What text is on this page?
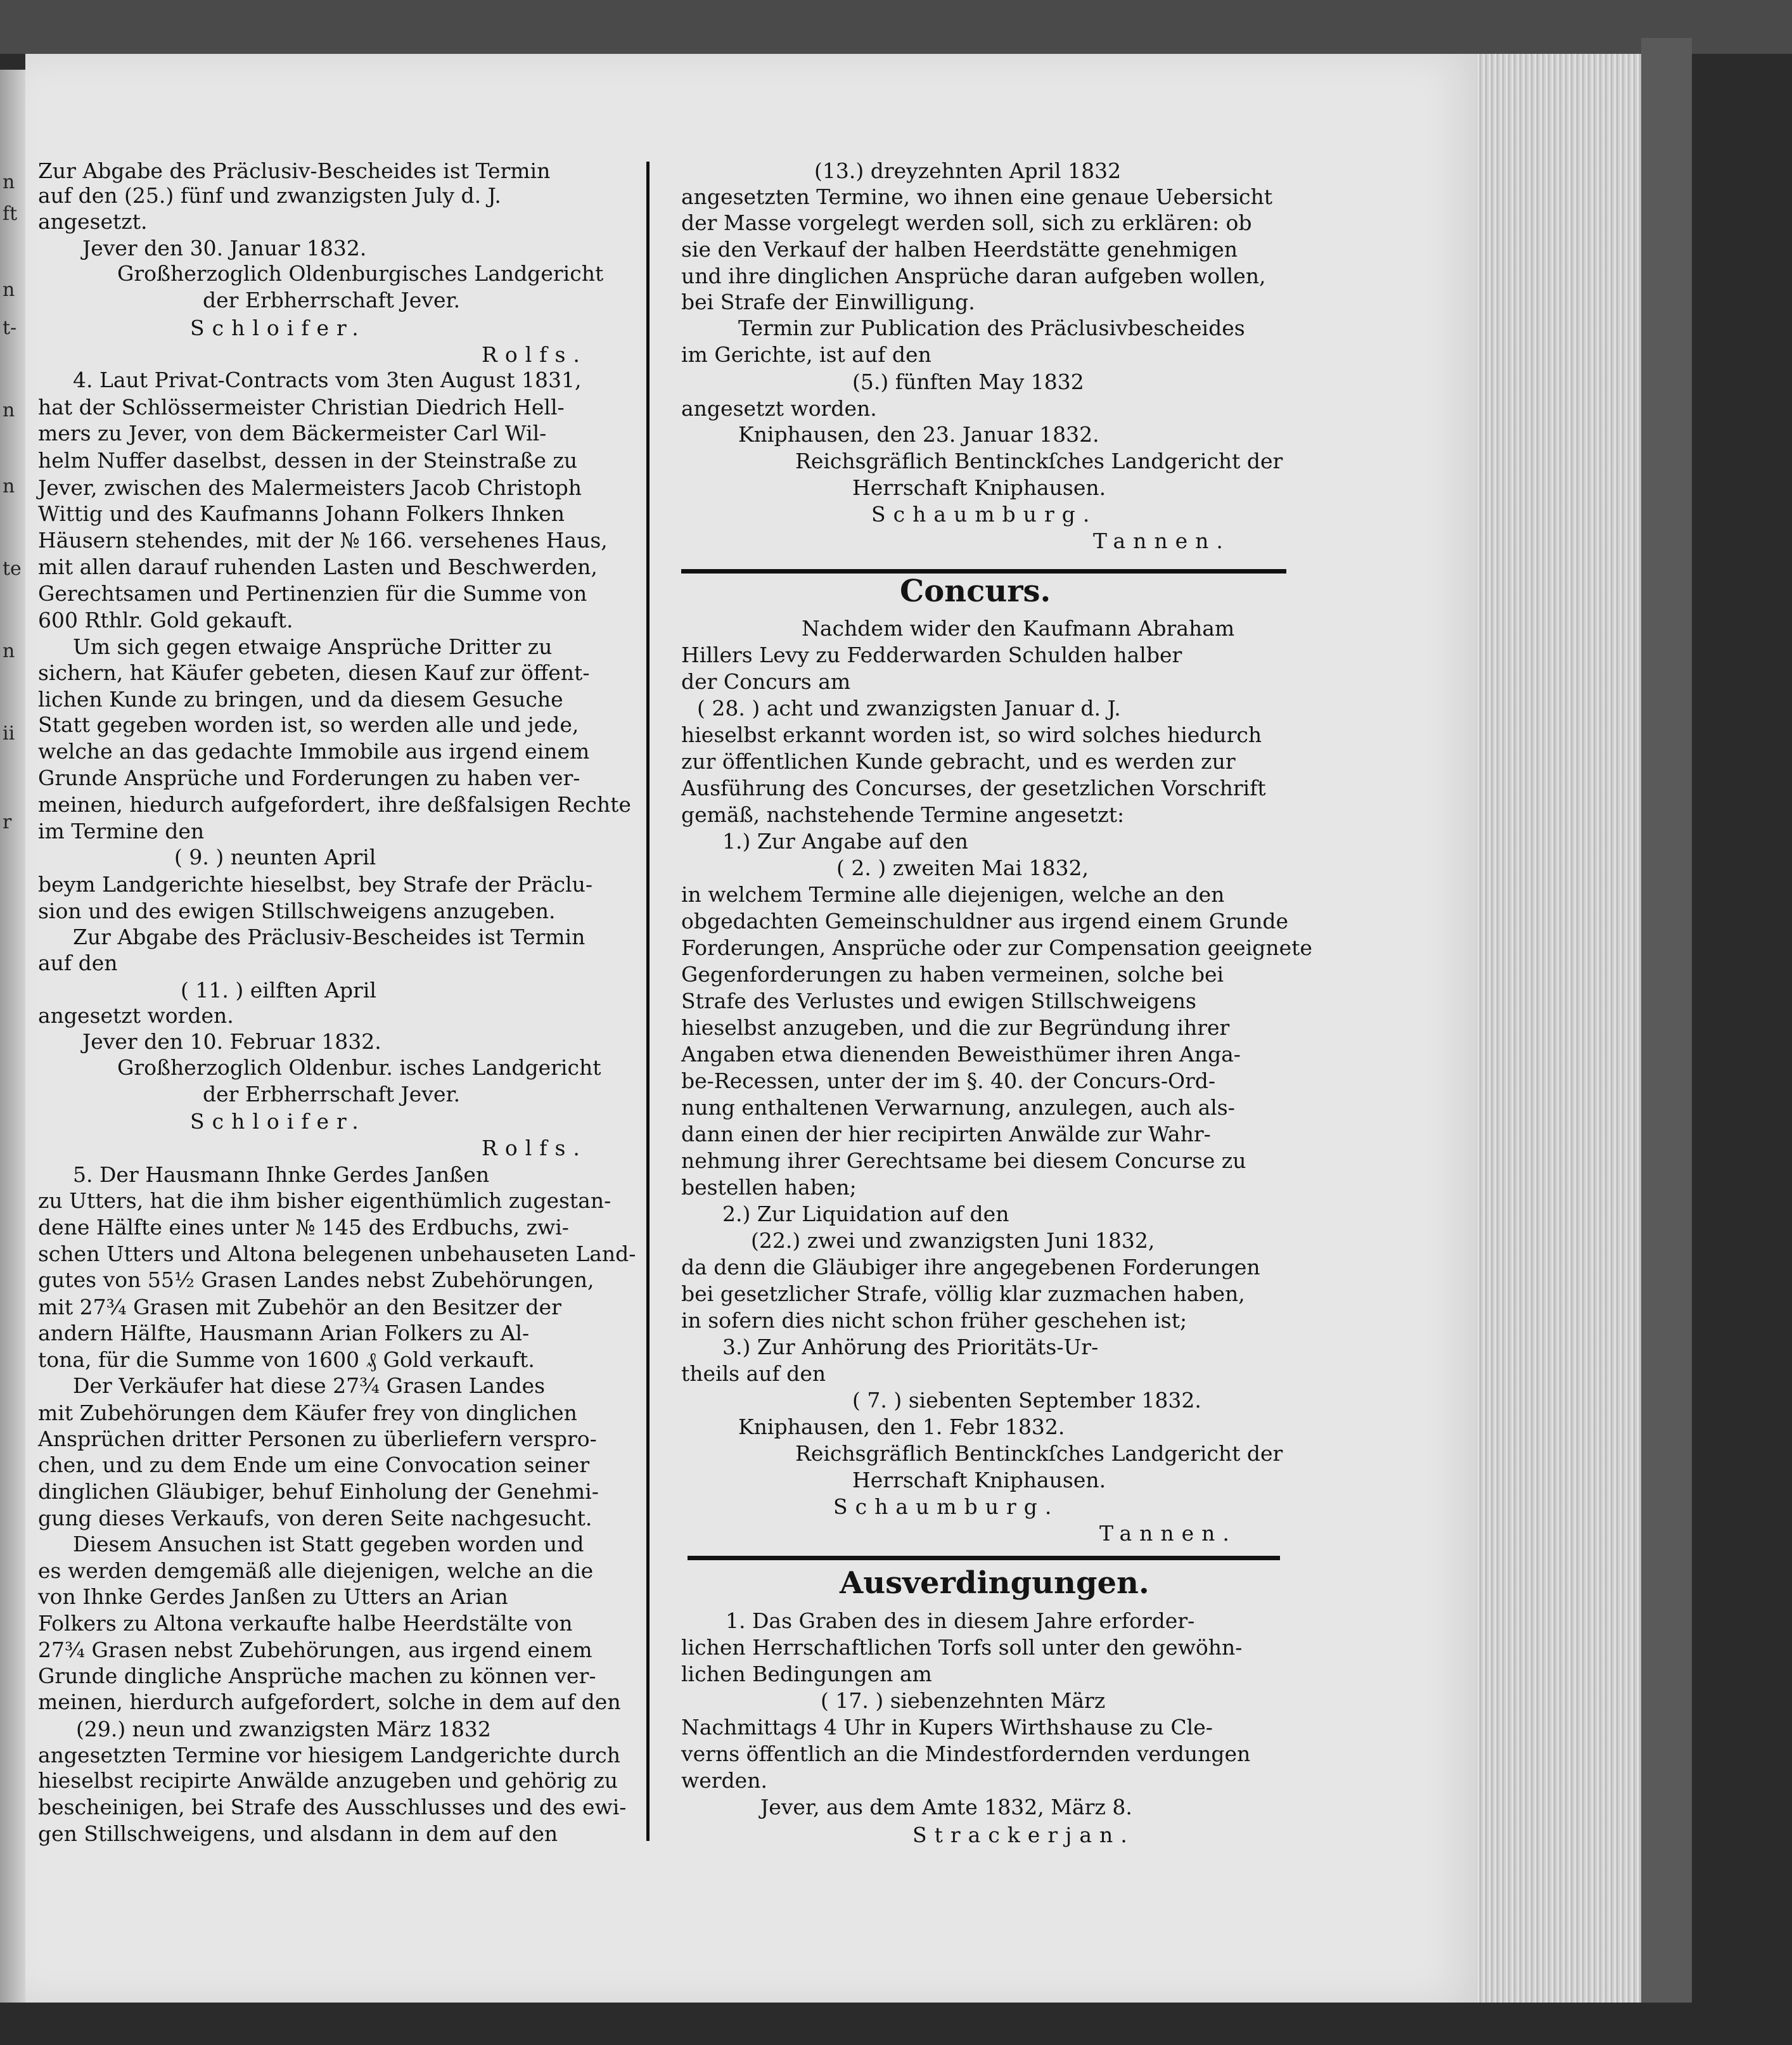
n
ft
n
t-
n
n
te
n
ii
r
Zur Abgabe des Präclusiv-Bescheides ist Termin
auf den (25.) fünf und zwanzigsten July d. J.
angesetzt.
Jever den 30. Januar 1832.
Großherzoglich Oldenburgisches Landgericht
der Erbherrschaft Jever.
Schloifer.
Rolfs.
4. Laut Privat-Contracts vom 3ten August 1831,
hat der Schlössermeister Christian Diedrich Hell-
mers zu Jever, von dem Bäckermeister Carl Wil-
helm Nuffer daselbst, dessen in der Steinstraße zu
Jever, zwischen des Malermeisters Jacob Christoph
Wittig und des Kaufmanns Johann Folkers Ihnken
Häusern stehendes, mit der № 166. versehenes Haus,
mit allen darauf ruhenden Lasten und Beschwerden,
Gerechtsamen und Pertinenzien für die Summe von
600 Rthlr. Gold gekauft.
Um sich gegen etwaige Ansprüche Dritter zu
sichern, hat Käufer gebeten, diesen Kauf zur öffent-
lichen Kunde zu bringen, und da diesem Gesuche
Statt gegeben worden ist, so werden alle und jede,
welche an das gedachte Immobile aus irgend einem
Grunde Ansprüche und Forderungen zu haben ver-
meinen, hiedurch aufgefordert, ihre deßfalsigen Rechte
im Termine den
( 9. ) neunten April
beym Landgerichte hieselbst, bey Strafe der Präclu-
sion und des ewigen Stillschweigens anzugeben.
Zur Abgabe des Präclusiv-Bescheides ist Termin
auf den
( 11. ) eilften April
angesetzt worden.
Jever den 10. Februar 1832.
Großherzoglich Oldenbur. isches Landgericht
der Erbherrschaft Jever.
Schloifer.
Rolfs.
5. Der Hausmann Ihnke Gerdes Janßen
zu Utters, hat die ihm bisher eigenthümlich zugestan-
dene Hälfte eines unter № 145 des Erdbuchs, zwi-
schen Utters und Altona belegenen unbehauseten Land-
gutes von 55½ Grasen Landes nebst Zubehörungen,
mit 27¾ Grasen mit Zubehör an den Besitzer der
andern Hälfte, Hausmann Arian Folkers zu Al-
tona, für die Summe von 1600 ₰ Gold verkauft.
Der Verkäufer hat diese 27¾ Grasen Landes
mit Zubehörungen dem Käufer frey von dinglichen
Ansprüchen dritter Personen zu überliefern verspro-
chen, und zu dem Ende um eine Convocation seiner
dinglichen Gläubiger, behuf Einholung der Genehmi-
gung dieses Verkaufs, von deren Seite nachgesucht.
Diesem Ansuchen ist Statt gegeben worden und
es werden demgemäß alle diejenigen, welche an die
von Ihnke Gerdes Janßen zu Utters an Arian
Folkers zu Altona verkaufte halbe Heerdstälte von
27¾ Grasen nebst Zubehörungen, aus irgend einem
Grunde dingliche Ansprüche machen zu können ver-
meinen, hierdurch aufgefordert, solche in dem auf den
(29.) neun und zwanzigsten März 1832
angesetzten Termine vor hiesigem Landgerichte durch
hieselbst recipirte Anwälde anzugeben und gehörig zu
bescheinigen, bei Strafe des Ausschlusses und des ewi-
gen Stillschweigens, und alsdann in dem auf den
(13.) dreyzehnten April 1832
angesetzten Termine, wo ihnen eine genaue Uebersicht
der Masse vorgelegt werden soll, sich zu erklären: ob
sie den Verkauf der halben Heerdstätte genehmigen
und ihre dinglichen Ansprüche daran aufgeben wollen,
bei Strafe der Einwilligung.
Termin zur Publication des Präclusivbescheides
im Gerichte, ist auf den
(5.) fünften May 1832
angesetzt worden.
Kniphausen, den 23. Januar 1832.
Reichsgräflich Bentinckſches Landgericht der
Herrschaft Kniphausen.
Schaumburg.
Tannen.
Concurs.
Nachdem wider den Kaufmann Abraham
Hillers Levy zu Fedderwarden Schulden halber
der Concurs am
( 28. ) acht und zwanzigsten Januar d. J.
hieselbst erkannt worden ist, so wird solches hiedurch
zur öffentlichen Kunde gebracht, und es werden zur
Ausführung des Concurses, der gesetzlichen Vorschrift
gemäß, nachstehende Termine angesetzt:
1.) Zur Angabe auf den
( 2. ) zweiten Mai 1832,
in welchem Termine alle diejenigen, welche an den
obgedachten Gemeinschuldner aus irgend einem Grunde
Forderungen, Ansprüche oder zur Compensation geeignete
Gegenforderungen zu haben vermeinen, solche bei
Strafe des Verlustes und ewigen Stillschweigens
hieselbst anzugeben, und die zur Begründung ihrer
Angaben etwa dienenden Beweisthümer ihren Anga-
be-Recessen, unter der im §. 40. der Concurs-Ord-
nung enthaltenen Verwarnung, anzulegen, auch als-
dann einen der hier recipirten Anwälde zur Wahr-
nehmung ihrer Gerechtsame bei diesem Concurse zu
bestellen haben;
2.) Zur Liquidation auf den
(22.) zwei und zwanzigsten Juni 1832,
da denn die Gläubiger ihre angegebenen Forderungen
bei gesetzlicher Strafe, völlig klar zuzmachen haben,
in sofern dies nicht schon früher geschehen ist;
3.) Zur Anhörung des Prioritäts-Ur-
theils auf den
( 7. ) siebenten September 1832.
Kniphausen, den 1. Febr 1832.
Reichsgräflich Bentinckſches Landgericht der
Herrschaft Kniphausen.
Schaumburg.
Tannen.
Ausverdingungen.
1. Das Graben des in diesem Jahre erforder-
lichen Herrschaftlichen Torfs soll unter den gewöhn-
lichen Bedingungen am
( 17. ) siebenzehnten März
Nachmittags 4 Uhr in Kupers Wirthshause zu Cle-
verns öffentlich an die Mindestfordernden verdungen
werden.
Jever, aus dem Amte 1832, März 8.
Strackerjan.
